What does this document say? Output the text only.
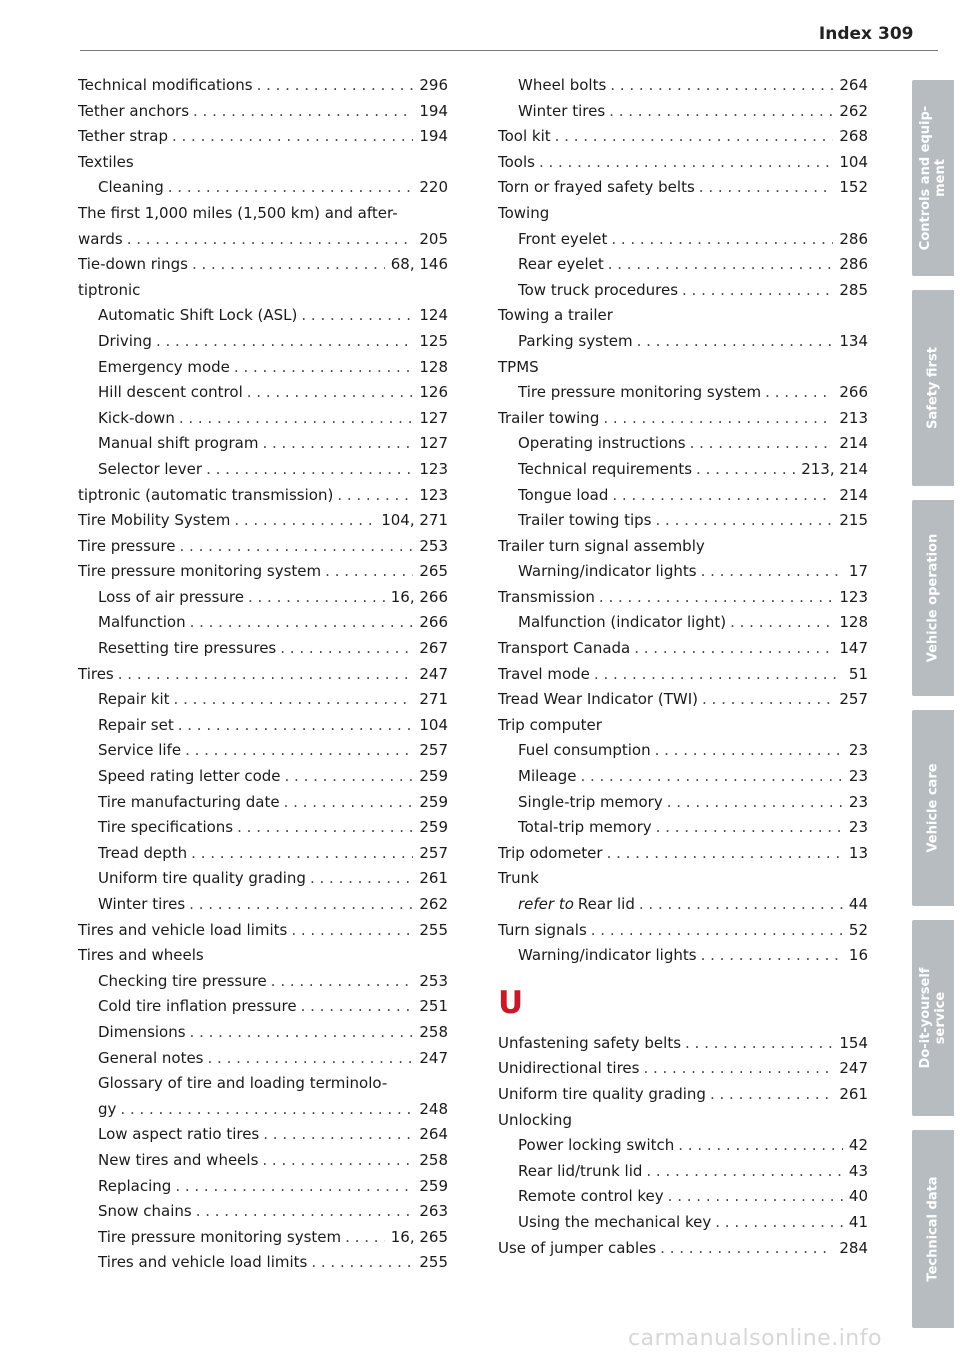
Index 309
Technical modifications . . .	296
Tether anchors . . .	194
Tether strap . . .	194
Textiles
Cleaning . . .	220
The first 1,000 miles (1,500 km) and after-
wards . . .	205
Tie-down rings . . .	68, 146
tiptronic
Automatic Shift Lock (ASL) . . .	124
Driving . . .	125
Emergency mode . . .	128
Hill descent control . . .	126
Kick-down . . .	127
Manual shift program . . .	127
Selector lever . . .	123
tiptronic (automatic transmission) . . .	123
Tire Mobility System . . .	104, 271
Tire pressure . . .	253
Tire pressure monitoring system . . .	265
Loss of air pressure . . .	16, 266
Malfunction . . .	266
Resetting tire pressures . . .	267
Tires . . .	247
Repair kit . . .	271
Repair set . . .	104
Service life . . .	257
Speed rating letter code . . .	259
Tire manufacturing date . . .	259
Tire specifications . . .	259
Tread depth . . .	257
Uniform tire quality grading . . .	261
Winter tires . . .	262
Tires and vehicle load limits . . .	255
Tires and wheels
Checking tire pressure . . .	253
Cold tire inflation pressure . . .	251
Dimensions . . .	258
General notes . . .	247
Glossary of tire and loading terminolo-
gy . . .	248
Low aspect ratio tires . . .	264
New tires and wheels . . .	258
Replacing . . .	259
Snow chains . . .	263
Tire pressure monitoring system . . .	16, 265
Tires and vehicle load limits . . .	255
Wheel bolts . . .	264
Winter tires . . .	262
Tool kit . . .	268
Tools . . .	104
Torn or frayed safety belts . . .	152
Towing
Front eyelet . . .	286
Rear eyelet . . .	286
Tow truck procedures . . .	285
Towing a trailer
Parking system . . .	134
TPMS
Tire pressure monitoring system . . .	266
Trailer towing . . .	213
Operating instructions . . .	214
Technical requirements . . .	213, 214
Tongue load . . .	214
Trailer towing tips . . .	215
Trailer turn signal assembly
Warning/indicator lights . . .	17
Transmission . . .	123
Malfunction (indicator light) . . .	128
Transport Canada . . .	147
Travel mode . . .	51
Tread Wear Indicator (TWI) . . .	257
Trip computer
Fuel consumption . . .	23
Mileage . . .	23
Single-trip memory . . .	23
Total-trip memory . . .	23
Trip odometer . . .	13
Trunk
refer to Rear lid . . .	44
Turn signals . . .	52
Warning/indicator lights . . .	16
U
Unfastening safety belts . . .	154
Unidirectional tires . . .	247
Uniform tire quality grading . . .	261
Unlocking
Power locking switch . . .	42
Rear lid/trunk lid . . .	43
Remote control key . . .	40
Using the mechanical key . . .	41
Use of jumper cables . . .	284
Controls and equip- ment
Safety first
Vehicle operation
Vehicle care
Do-it-yourself service
Technical data
carmanualsonline.info
